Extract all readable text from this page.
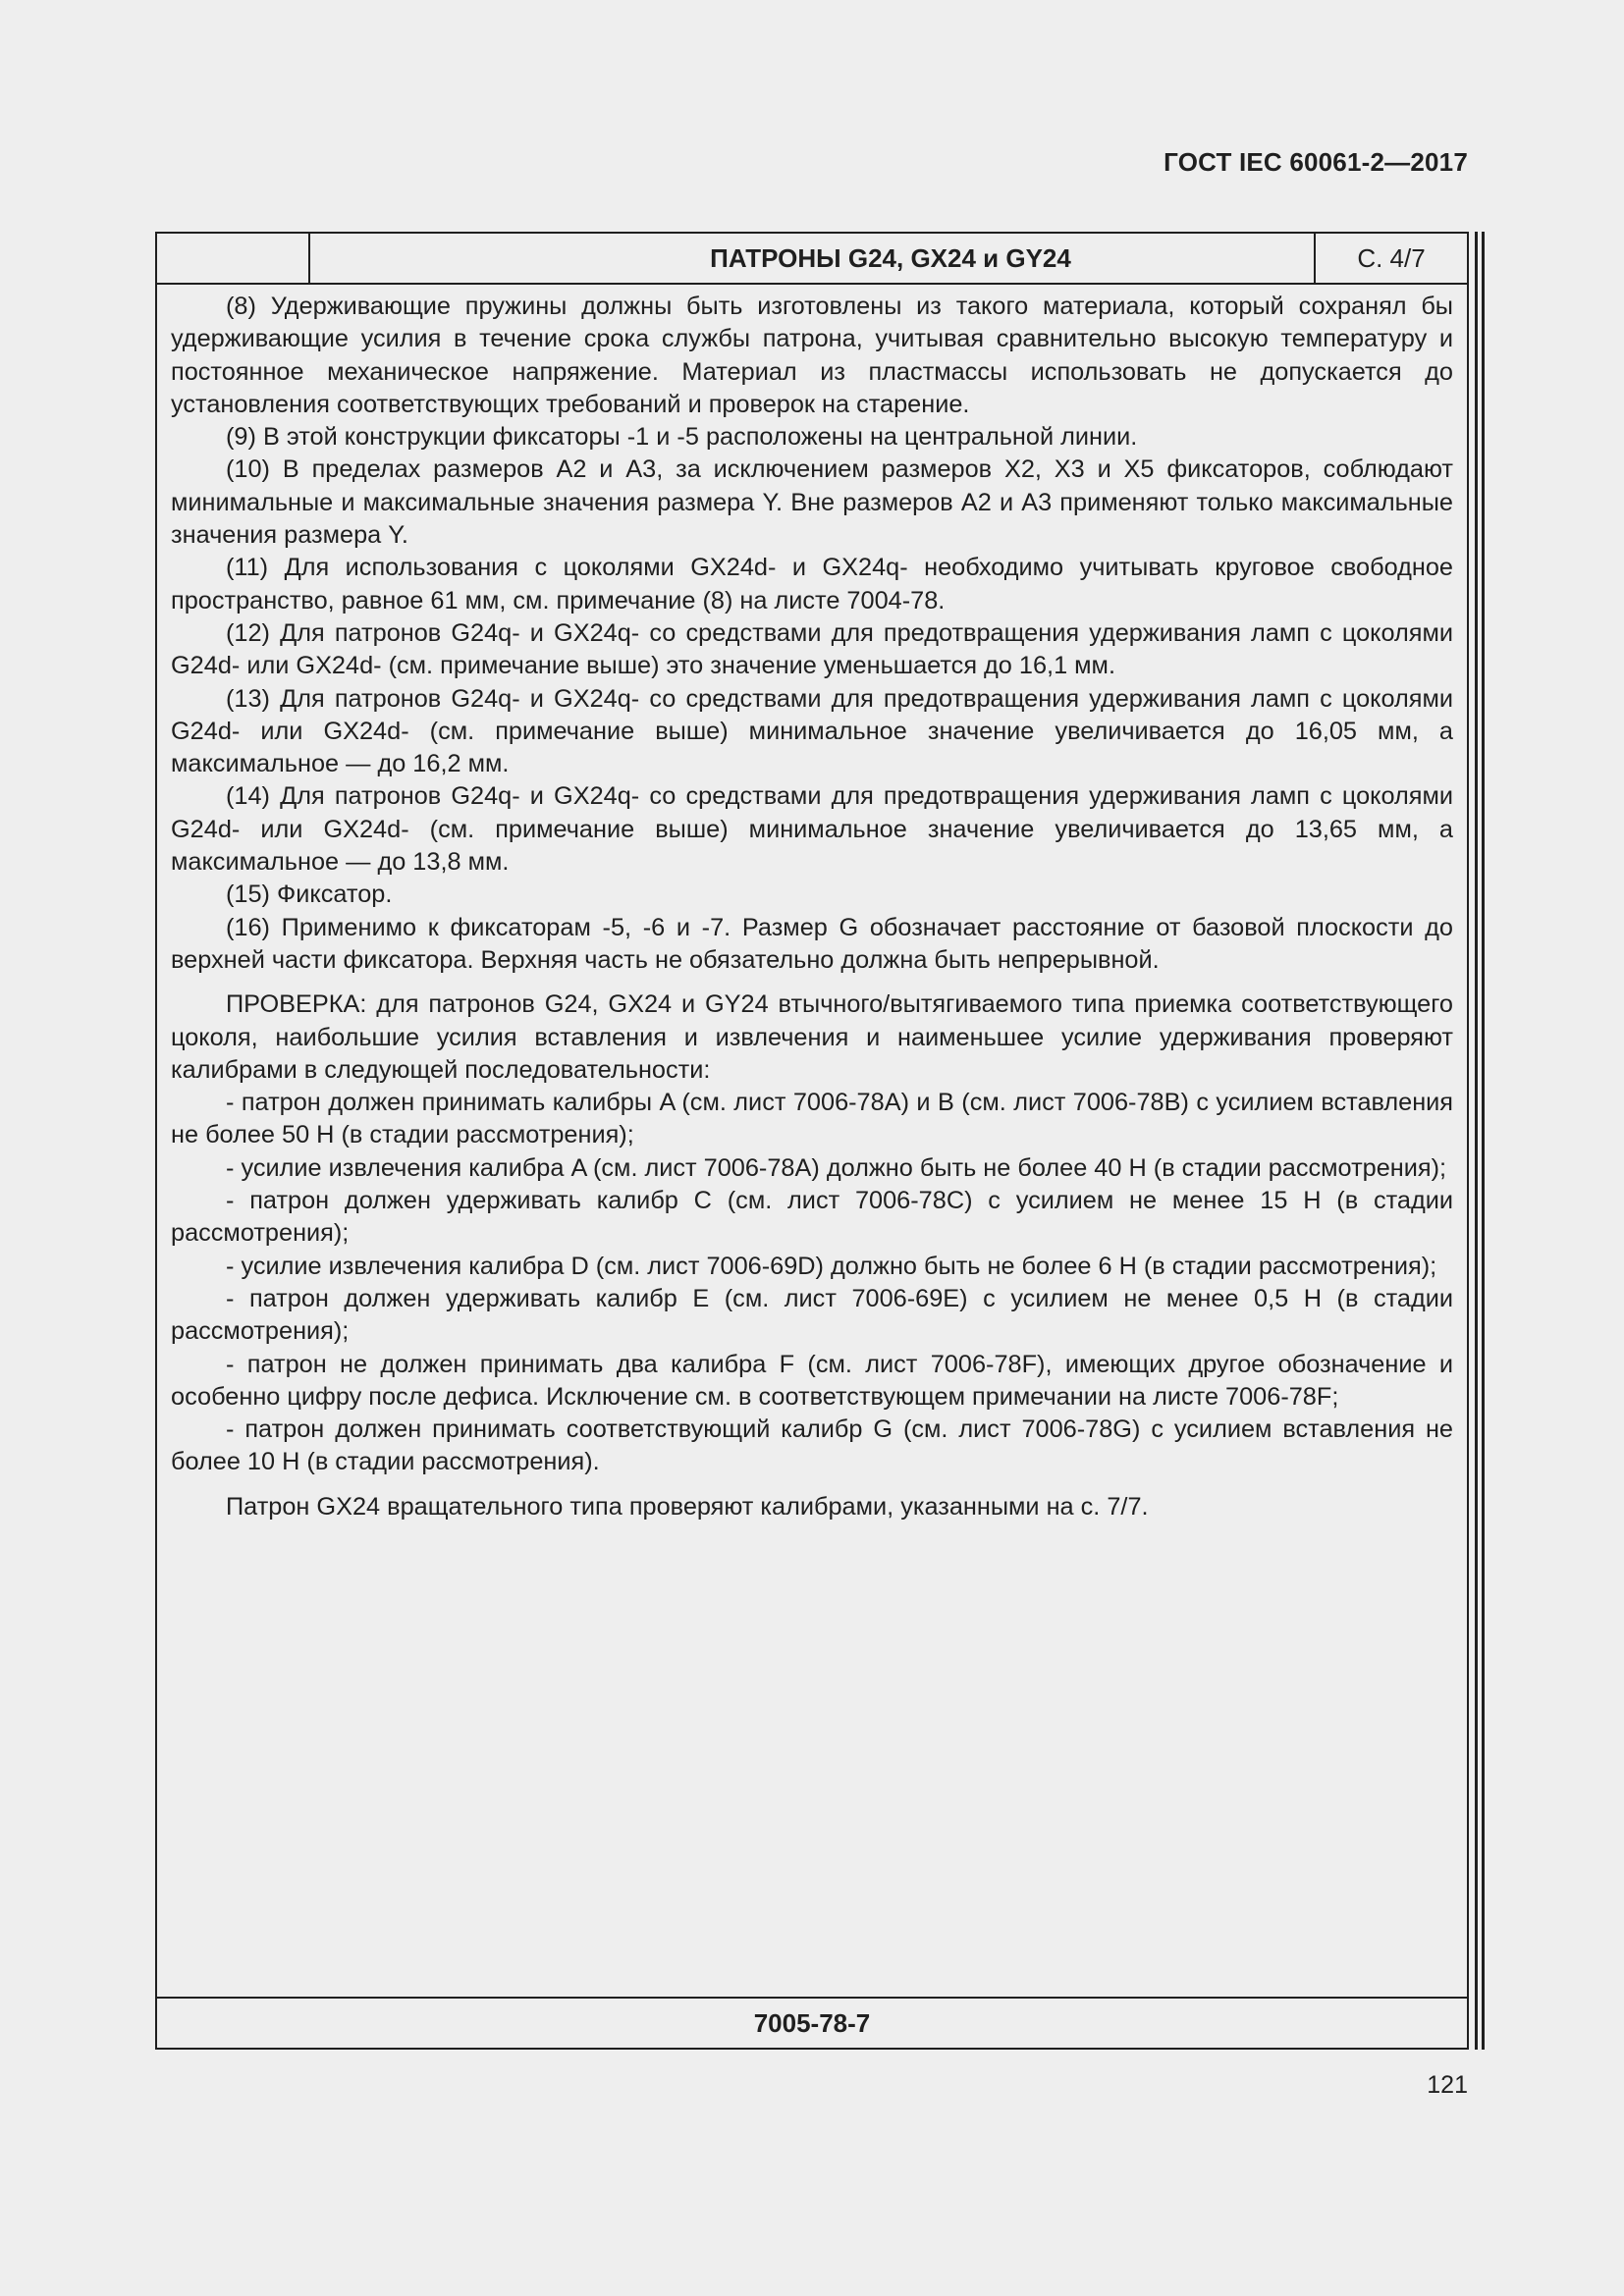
ГОСТ IEC 60061-2—2017
ПАТРОНЫ G24, GX24 и GY24	С. 4/7

(8) Удерживающие пружины должны быть изготовлены из такого материала, который сохранял бы удерживающие усилия в течение срока службы патрона, учитывая сравнительно высокую температуру и постоянное механическое напряжение. Материал из пластмассы использовать не допускается до установления соответствующих требований и проверок на старение.

(9) В этой конструкции фиксаторы -1 и -5 расположены на центральной линии.

(10) В пределах размеров A2 и A3, за исключением размеров X2, X3 и X5 фиксаторов, соблюдают минимальные и максимальные значения размера Y. Вне размеров A2 и A3 применяют только максимальные значения размера Y.

(11) Для использования с цоколями GX24d- и GX24q- необходимо учитывать круговое свободное пространство, равное 61 мм, см. примечание (8) на листе 7004-78.

(12) Для патронов G24q- и GX24q- со средствами для предотвращения удерживания ламп с цоколями G24d- или GX24d- (см. примечание выше) это значение уменьшается до 16,1 мм.

(13) Для патронов G24q- и GX24q- со средствами для предотвращения удерживания ламп с цоколями G24d- или GX24d- (см. примечание выше) минимальное значение увеличивается до 16,05 мм, а максимальное — до 16,2 мм.

(14) Для патронов G24q- и GX24q- со средствами для предотвращения удерживания ламп с цоколями G24d- или GX24d- (см. примечание выше) минимальное значение увеличивается до 13,65 мм, а максимальное — до 13,8 мм.

(15) Фиксатор.

(16) Применимо к фиксаторам -5, -6 и -7. Размер G обозначает расстояние от базовой плоскости до верхней части фиксатора. Верхняя часть не обязательно должна быть непрерывной.

ПРОВЕРКА: для патронов G24, GX24 и GY24 втычного/вытягиваемого типа приемка соответствующего цоколя, наибольшие усилия вставления и извлечения и наименьшее усилие удерживания проверяют калибрами в следующей последовательности:

- патрон должен принимать калибры A (см. лист 7006-78A) и B (см. лист 7006-78B) с усилием вставления не более 50 Н (в стадии рассмотрения);

- усилие извлечения калибра A (см. лист 7006-78A) должно быть не более 40 Н (в стадии рассмотрения);

- патрон должен удерживать калибр C (см. лист 7006-78C) с усилием не менее 15 Н (в стадии рассмотрения);

- усилие извлечения калибра D (см. лист 7006-69D) должно быть не более 6 Н (в стадии рассмотрения);

- патрон должен удерживать калибр E (см. лист 7006-69E) с усилием не менее 0,5 Н (в стадии рассмотрения);

- патрон не должен принимать два калибра F (см. лист 7006-78F), имеющих другое обозначение и особенно цифру после дефиса. Исключение см. в соответствующем примечании на листе 7006-78F;

- патрон должен принимать соответствующий калибр G (см. лист 7006-78G) с усилием вставления не более 10 Н (в стадии рассмотрения).

Патрон GX24 вращательного типа проверяют калибрами, указанными на с. 7/7.

7005-78-7
121
